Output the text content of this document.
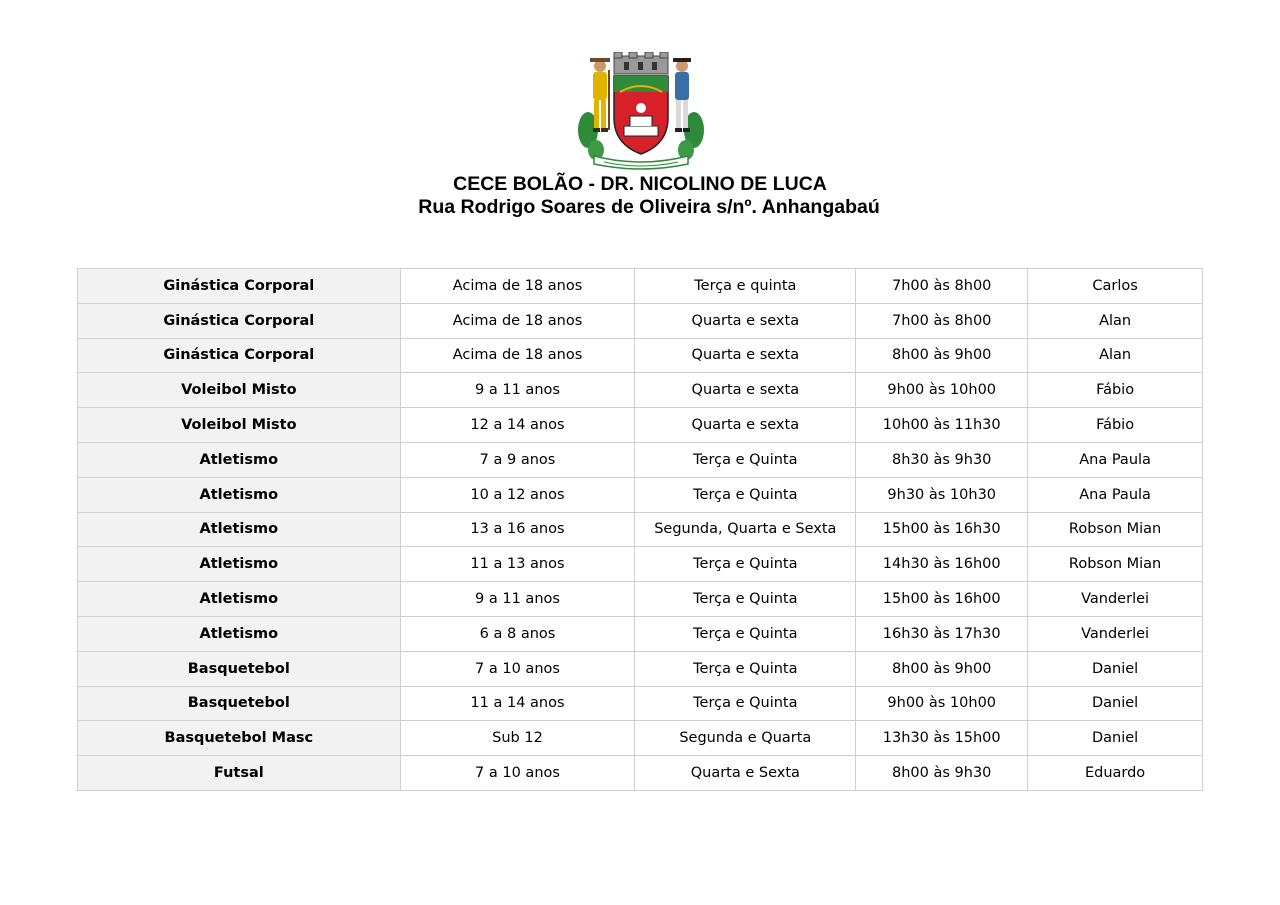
CECE BOLÃO - DR. NICOLINO DE LUCA
Rua Rodrigo Soares de Oliveira s/nº. Anhangabaú
Ginástica Corporal	Acima de 18 anos	Terça e quinta	7h00 às 8h00	Carlos
Ginástica Corporal	Acima de 18 anos	Quarta e sexta	7h00 às 8h00	Alan
Ginástica Corporal	Acima de 18 anos	Quarta e sexta	8h00 às 9h00	Alan
Voleibol Misto	9 a 11 anos	Quarta e sexta	9h00 às 10h00	Fábio
Voleibol Misto	12 a 14 anos	Quarta e sexta	10h00 às 11h30	Fábio
Atletismo	7 a 9 anos	Terça e Quinta	8h30 às 9h30	Ana Paula
Atletismo	10 a 12 anos	Terça e Quinta	9h30 às 10h30	Ana Paula
Atletismo	13 a 16 anos	Segunda, Quarta e Sexta	15h00 às 16h30	Robson Mian
Atletismo	11 a 13 anos	Terça e Quinta	14h30 às 16h00	Robson Mian
Atletismo	9 a 11 anos	Terça e Quinta	15h00 às 16h00	Vanderlei
Atletismo	6 a 8 anos	Terça e Quinta	16h30 às 17h30	Vanderlei
Basquetebol	7 a 10 anos	Terça e Quinta	8h00 às 9h00	Daniel
Basquetebol	11 a 14 anos	Terça e Quinta	9h00 às 10h00	Daniel
Basquetebol Masc	Sub 12	Segunda e Quarta	13h30 às 15h00	Daniel
Futsal	7 a 10 anos	Quarta e Sexta	8h00 às 9h30	Eduardo
